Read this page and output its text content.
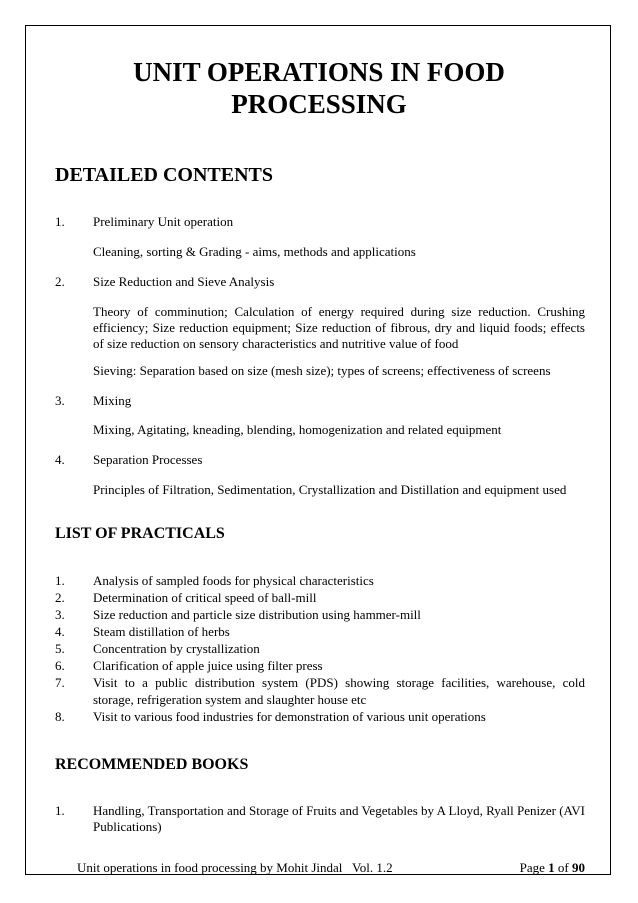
UNIT OPERATIONS IN FOOD
PROCESSING
DETAILED CONTENTS
1. Preliminary Unit operation
Cleaning, sorting & Grading - aims, methods and applications
2. Size Reduction and Sieve Analysis
Theory of comminution; Calculation of energy required during size reduction. Crushing efficiency; Size reduction equipment; Size reduction of fibrous, dry and liquid foods; effects of size reduction on sensory characteristics and nutritive value of food
Sieving: Separation based on size (mesh size); types of screens; effectiveness of screens
3. Mixing
Mixing, Agitating, kneading, blending, homogenization and related equipment
4. Separation Processes
Principles of Filtration, Sedimentation, Crystallization and Distillation and equipment used
LIST OF PRACTICALS
1.	Analysis of sampled foods for physical characteristics
2.	Determination of critical speed of ball-mill
3.	Size reduction and particle size distribution using hammer-mill
4.	Steam distillation of herbs
5.	Concentration by crystallization
6.	Clarification of apple juice using filter press
7.	Visit to a public distribution system (PDS) showing storage facilities, warehouse, cold storage, refrigeration system and slaughter house etc
8.	Visit to various food industries for demonstration of various unit operations
RECOMMENDED BOOKS
1. Handling, Transportation and Storage of Fruits and Vegetables by A Lloyd, Ryall Penizer (AVI Publications)
Unit operations in food processing by Mohit Jindal Vol. 1.2	Page 1 of 90
